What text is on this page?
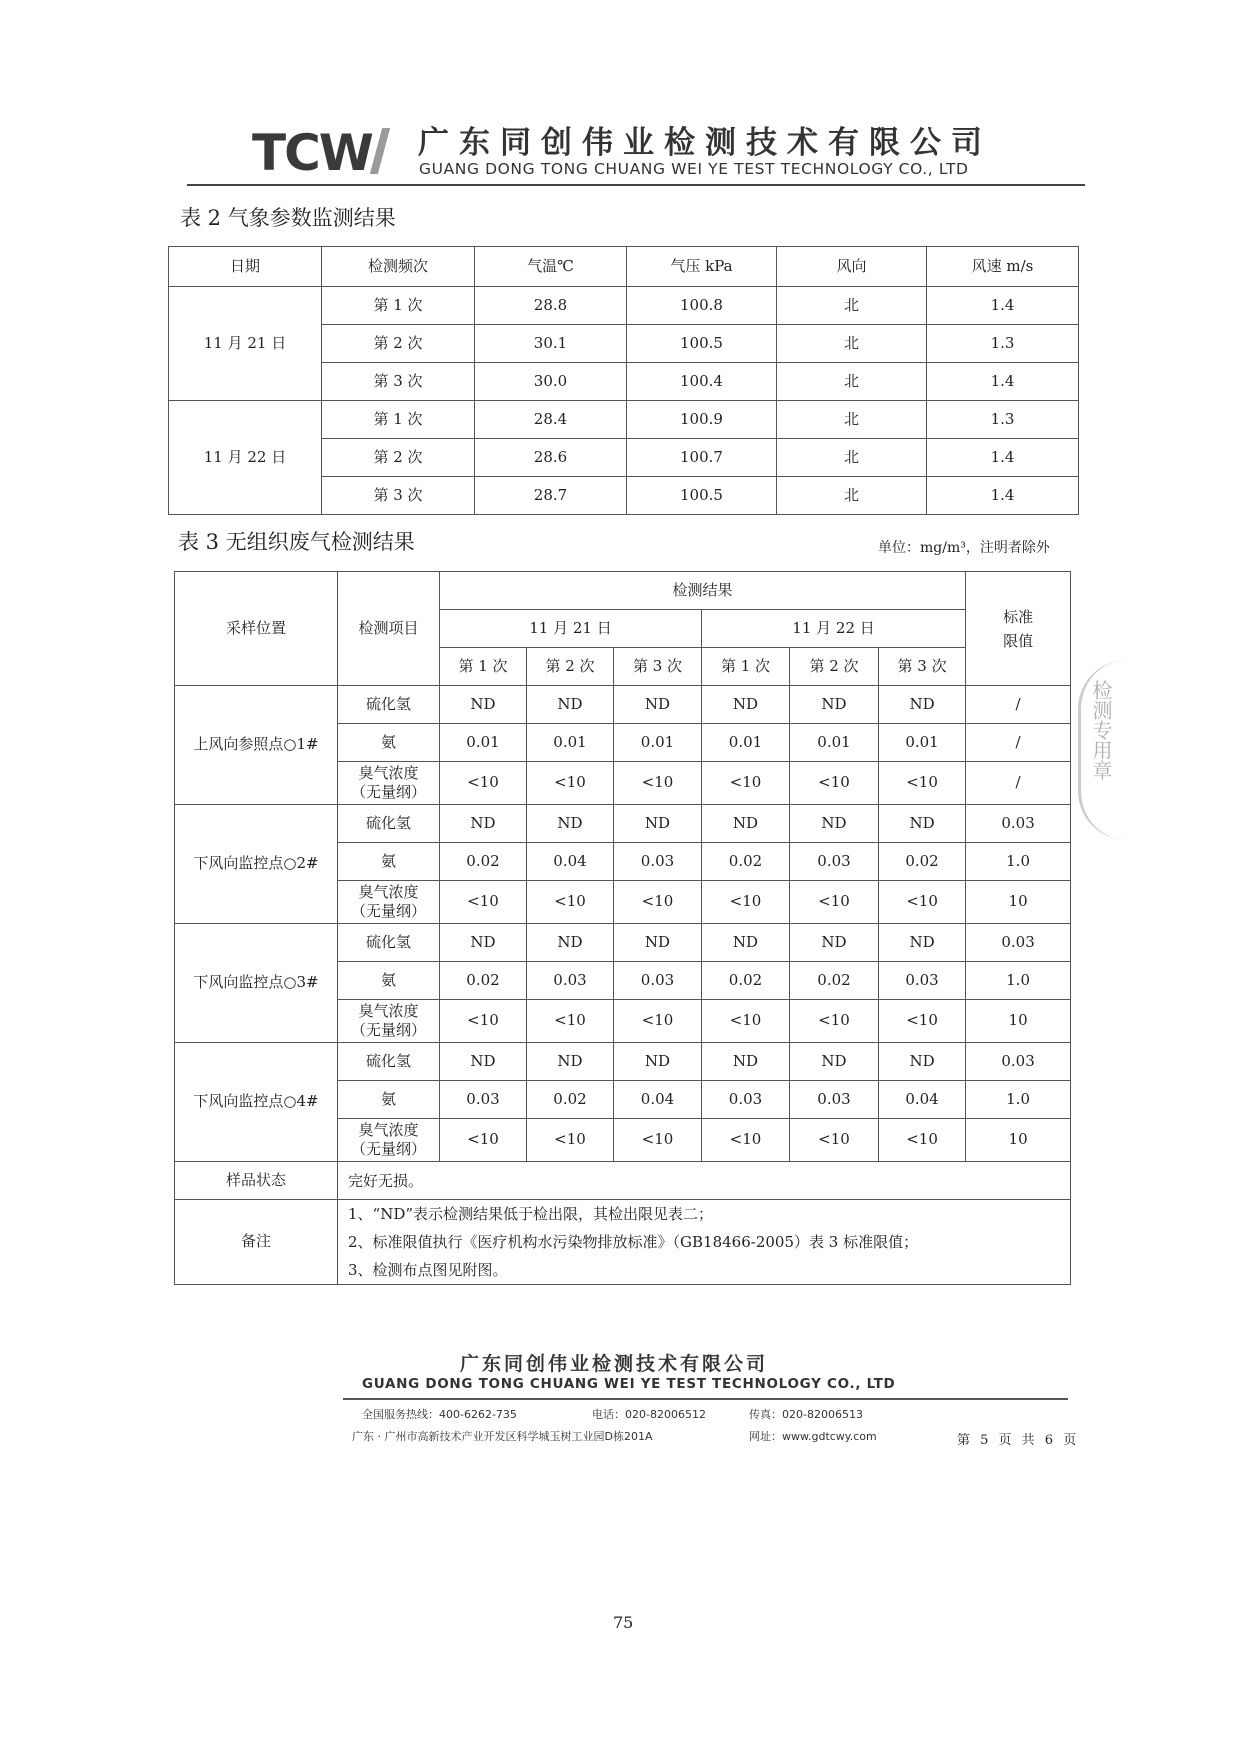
TCW	广东同创伟业检测技术有限公司
GUANG DONG TONG CHUANG WEI YE TEST TECHNOLOGY CO., LTD
表 2 气象参数监测结果
日期	检测频次	气温℃	气压 kPa	风向	风速 m/s
11 月 21 日	第 1 次	28.8	100.8	北	1.4
	第 2 次	30.1	100.5	北	1.3
	第 3 次	30.0	100.4	北	1.4
11 月 22 日	第 1 次	28.4	100.9	北	1.3
	第 2 次	28.6	100.7	北	1.4
	第 3 次	28.7	100.5	北	1.4
表 3 无组织废气检测结果	单位：mg/m³，注明者除外
采样位置	检测项目	检测结果						标准限值
		11 月 21 日			11 月 22 日			
		第 1 次	第 2 次	第 3 次	第 1 次	第 2 次	第 3 次	
上风向参照点○1#	硫化氢	ND	ND	ND	ND	ND	ND	/
	氨	0.01	0.01	0.01	0.01	0.01	0.01	/
	臭气浓度（无量纲）	<10	<10	<10	<10	<10	<10	/
下风向监控点○2#	硫化氢	ND	ND	ND	ND	ND	ND	0.03
	氨	0.02	0.04	0.03	0.02	0.03	0.02	1.0
	臭气浓度（无量纲）	<10	<10	<10	<10	<10	<10	10
下风向监控点○3#	硫化氢	ND	ND	ND	ND	ND	ND	0.03
	氨	0.02	0.03	0.03	0.02	0.02	0.03	1.0
	臭气浓度（无量纲）	<10	<10	<10	<10	<10	<10	10
下风向监控点○4#	硫化氢	ND	ND	ND	ND	ND	ND	0.03
	氨	0.03	0.02	0.04	0.03	0.03	0.04	1.0
	臭气浓度（无量纲）	<10	<10	<10	<10	<10	<10	10
样品状态	完好无损。							
备注	1、“ND”表示检测结果低于检出限，其检出限见表二；
2、标准限值执行《医疗机构水污染物排放标准》（GB18466-2005）表 3 标准限值；
3、检测布点图见附图。							
检测专用章
广东同创伟业检测技术有限公司
GUANG DONG TONG CHUANG WEI YE TEST TECHNOLOGY CO., LTD
全国服务热线：400-6262-735	电话：020-82006512	传真：020-82006513
广东 · 广州市高新技术产业开发区科学城玉树工业园D栋201A	网址：www.gdtcwy.com	第 5 页 共 6 页
75
